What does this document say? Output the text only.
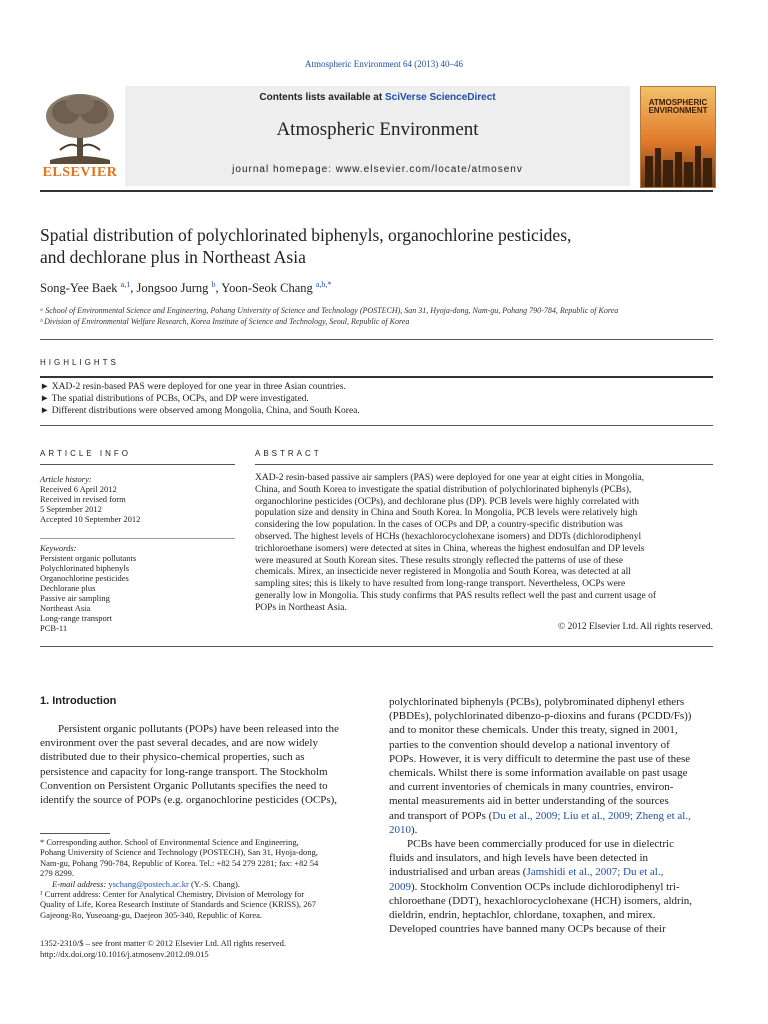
Atmospheric Environment 64 (2013) 40–46
ELSEVIER
Contents lists available at SciVerse ScienceDirect
Atmospheric Environment
journal homepage: www.elsevier.com/locate/atmosenv
ATMOSPHERIC
ENVIRONMENT
Spatial distribution of polychlorinated biphenyls, organochlorine pesticides,
and dechlorane plus in Northeast Asia
Song-Yee Baek $^{a,1}$, Jongsoo Jurng $^b$, Yoon-Seok Chang $^{a,b,*}$
ᵃ School of Environmental Science and Engineering, Pohang University of Science and Technology (POSTECH), San 31, Hyoja-dong, Nam-gu, Pohang 790-784, Republic of Korea
ᵇ Division of Environmental Welfare Research, Korea Institute of Science and Technology, Seoul, Republic of Korea
HIGHLIGHTS
► XAD-2 resin-based PAS were deployed for one year in three Asian countries.
► The spatial distributions of PCBs, OCPs, and DP were investigated.
► Different distributions were observed among Mongolia, China, and South Korea.
ARTICLE INFO
Article history:
Received 6 April 2012
Received in revised form
5 September 2012
Accepted 10 September 2012
Keywords:
Persistent organic pollutants
Polychlorinated biphenyls
Organochlorine pesticides
Dechlorane plus
Passive air sampling
Northeast Asia
Long-range transport
PCB-11
ABSTRACT
XAD-2 resin-based passive air samplers (PAS) were deployed for one year at eight cities in Mongolia,
China, and South Korea to investigate the spatial distribution of polychlorinated biphenyls (PCBs),
organochlorine pesticides (OCPs), and dechlorane plus (DP). PCB levels were highly correlated with
population size and density in China and South Korea. In Mongolia, PCB levels were relatively high
considering the low population. In the cases of OCPs and DP, a country-specific distribution was
observed. The highest levels of HCHs (hexachlorocyclohexane isomers) and DDTs (dichlorodiphenyl
trichloroethane isomers) were detected at sites in China, whereas the highest endosulfan and DP levels
were measured at South Korean sites. These results strongly reflected the patterns of use of these
chemicals. Mirex, an insecticide never registered in Mongolia and South Korea, was detected at all
sampling sites; this is likely to have resulted from long-range transport. Nevertheless, OCPs were
generally low in Mongolia. This study confirms that PAS results reflect well the past and current usage of
POPs in Northeast Asia.
© 2012 Elsevier Ltd. All rights reserved.
1. Introduction
Persistent organic pollutants (POPs) have been released into the
environment over the past several decades, and are now widely
distributed due to their physico-chemical properties, such as
persistence and capacity for long-range transport. The Stockholm
Convention on Persistent Organic Pollutants specifies the need to
identify the source of POPs (e.g. organochlorine pesticides (OCPs),
* Corresponding author. School of Environmental Science and Engineering,
Pohang University of Science and Technology (POSTECH), San 31, Hyoja-dong,
Nam-gu, Pohang 790-784, Republic of Korea. Tel.: +82 54 279 2281; fax: +82 54
279 8299.
E-mail address: yschang@postech.ac.kr (Y.-S. Chang).
¹ Current address: Center for Analytical Chemistry, Division of Metrology for
Quality of Life, Korea Research Institute of Standards and Science (KRISS), 267
Gajeong-Ro, Yuseoang-gu, Daejeon 305-340, Republic of Korea.
1352-2310/$ – see front matter © 2012 Elsevier Ltd. All rights reserved.
http://dx.doi.org/10.1016/j.atmosenv.2012.09.015
polychlorinated biphenyls (PCBs), polybrominated diphenyl ethers
(PBDEs), polychlorinated dibenzo-p-dioxins and furans (PCDD/Fs))
and to monitor these chemicals. Under this treaty, signed in 2001,
parties to the convention should develop a national inventory of
POPs. However, it is very difficult to determine the past use of these
chemicals. Whilst there is some information available on past usage
and current inventories of chemicals in many countries, environ-
mental measurements aid in better understanding of the sources
and transport of POPs (Du et al., 2009; Liu et al., 2009; Zheng et al.,
2010).
PCBs have been commercially produced for use in dielectric
fluids and insulators, and high levels have been detected in
industrialised and urban areas (Jamshidi et al., 2007; Du et al.,
2009). Stockholm Convention OCPs include dichlorodiphenyl tri-
chloroethane (DDT), hexachlorocyclohexane (HCH) isomers, aldrin,
dieldrin, endrin, heptachlor, chlordane, toxaphen, and mirex.
Developed countries have banned many OCPs because of their
